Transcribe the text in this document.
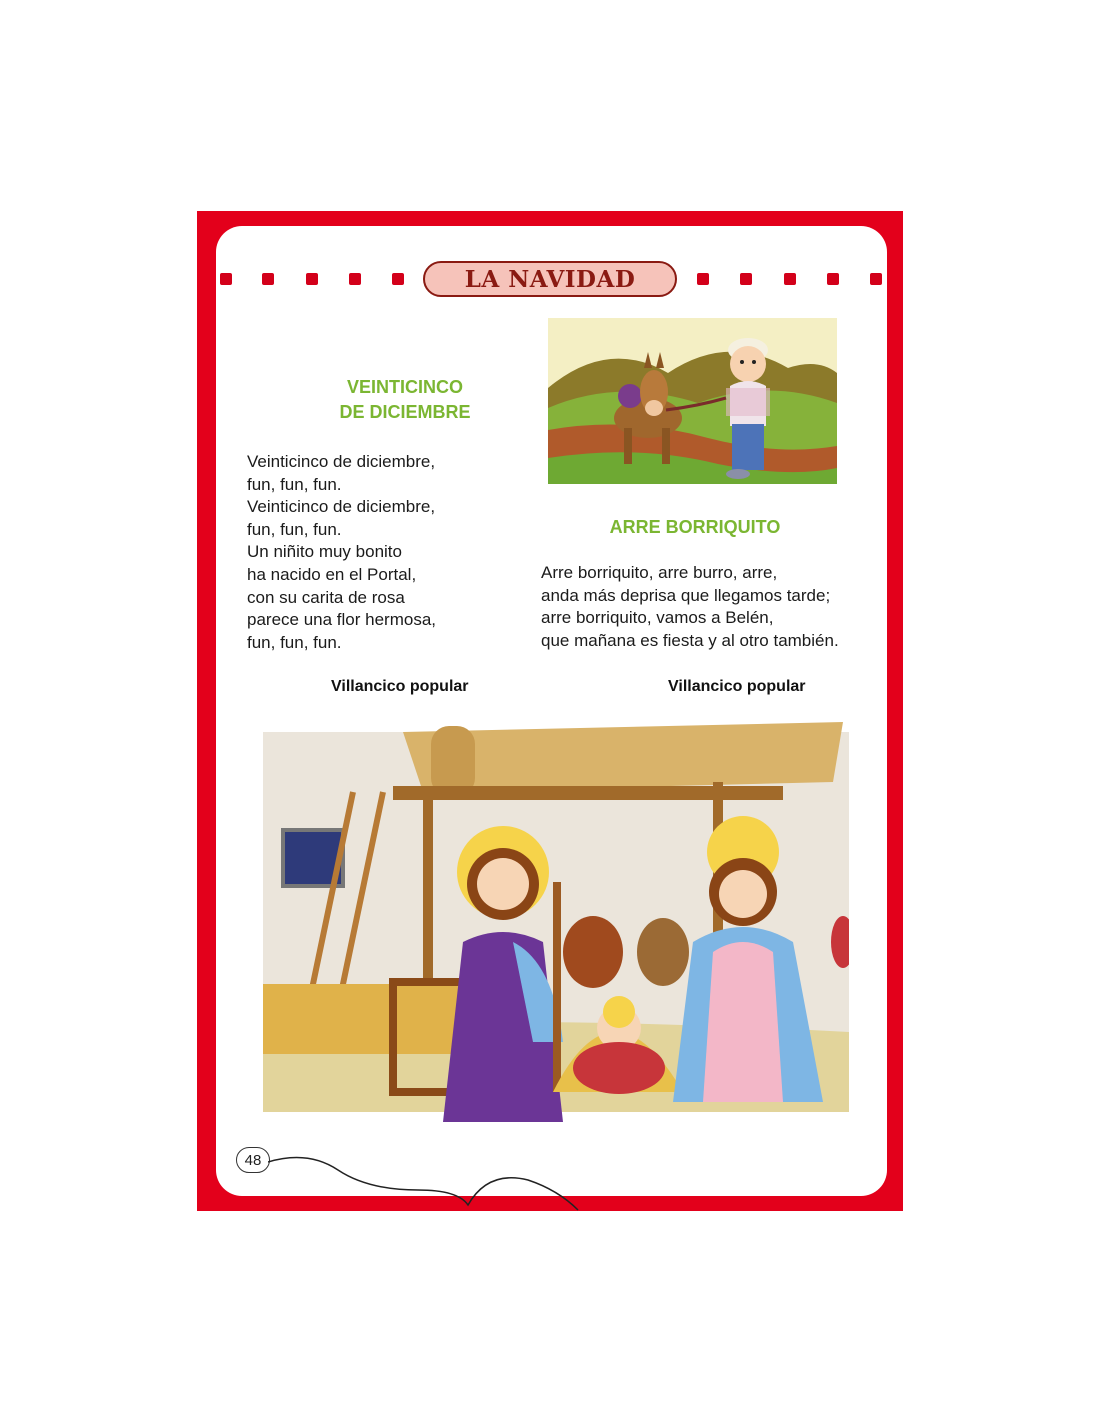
LA NAVIDAD
VEINTICINCO
DE DICIEMBRE
Veinticinco de diciembre,
fun, fun, fun.
Veinticinco de diciembre,
fun, fun, fun.
Un niñito muy bonito
ha nacido en el Portal,
con su carita de rosa
parece una flor hermosa,
fun, fun, fun.
Villancico popular
ARRE BORRIQUITO
Arre borriquito, arre burro, arre,
anda más deprisa que llegamos tarde;
arre borriquito, vamos a Belén,
que mañana es fiesta y al otro también.
Villancico popular
48
